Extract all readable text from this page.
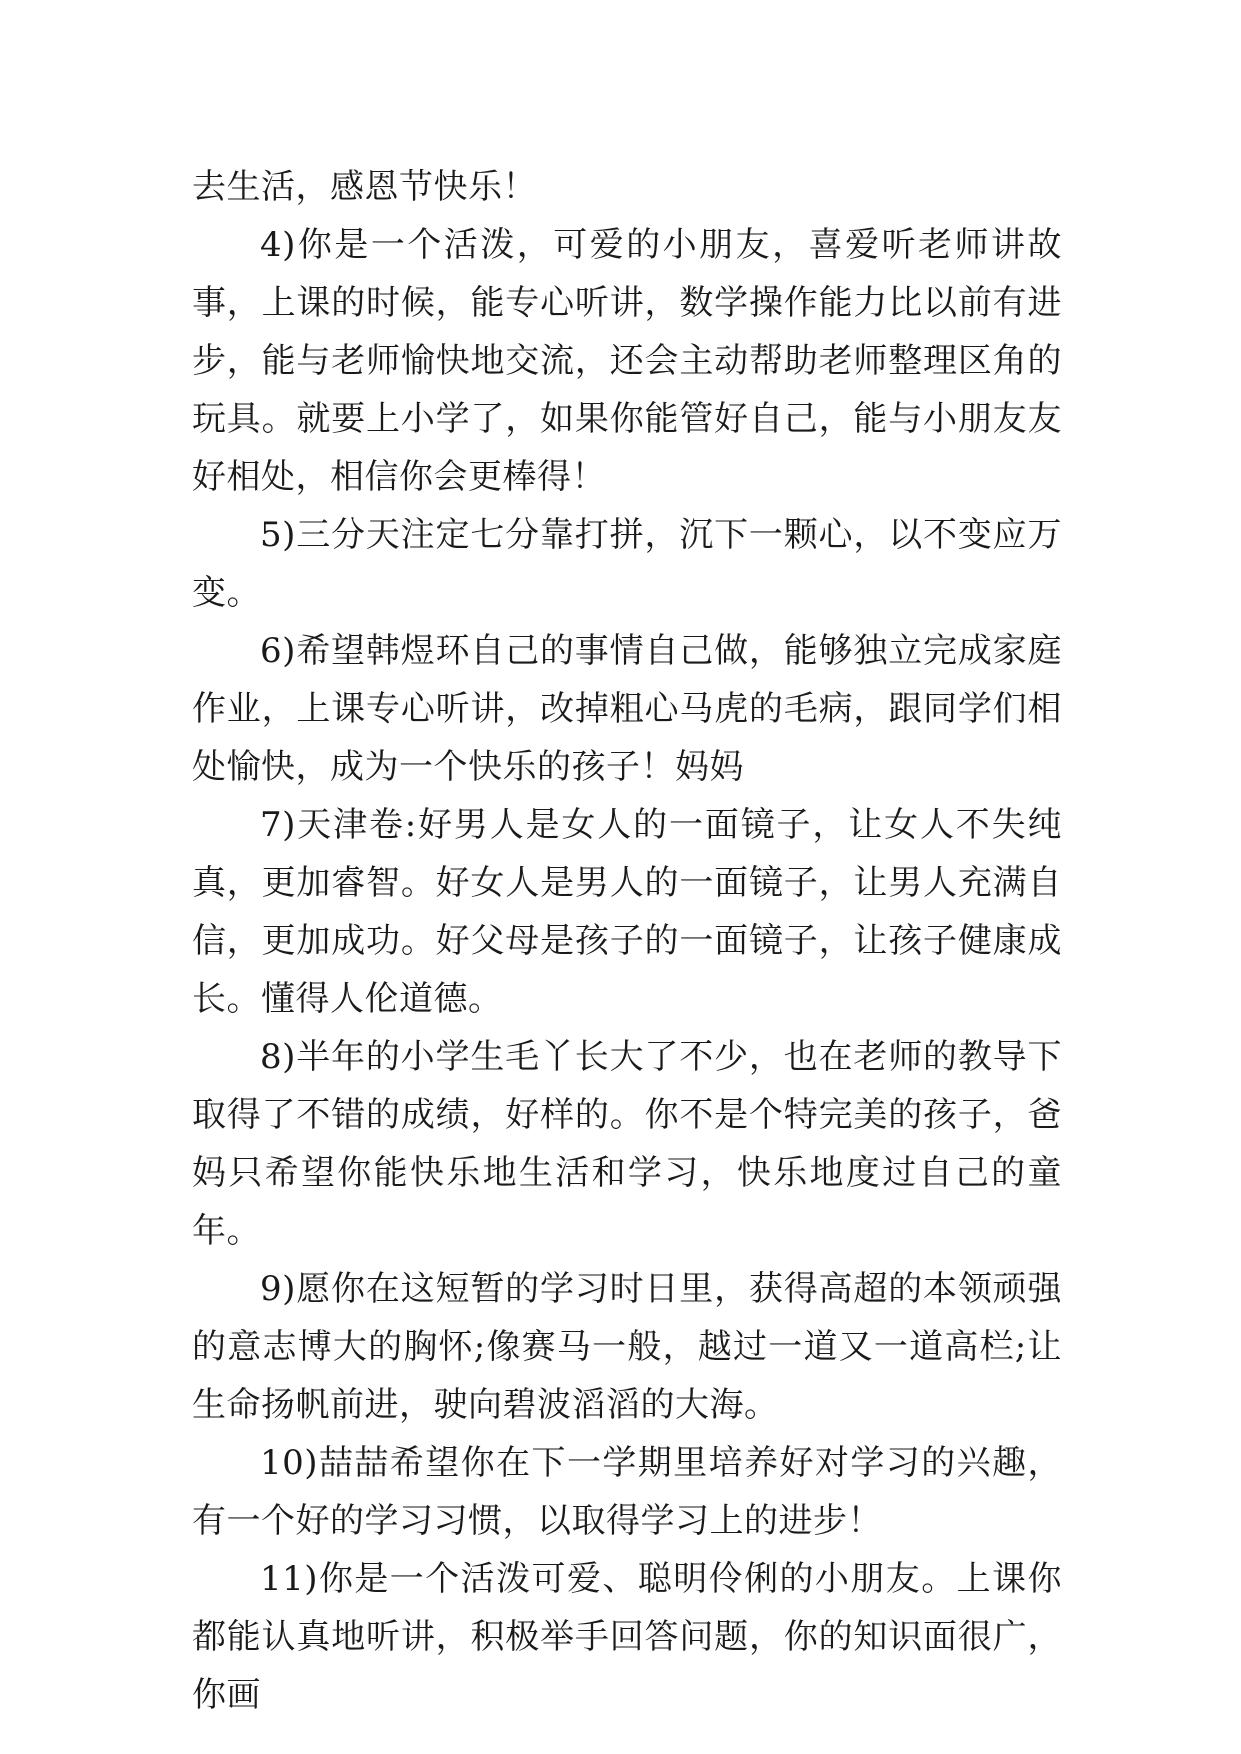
去生活，感恩节快乐！

4)你是一个活泼，可爱的小朋友，喜爱听老师讲故事，上课的时候，能专心听讲，数学操作能力比以前有进步，能与老师愉快地交流，还会主动帮助老师整理区角的玩具。就要上小学了，如果你能管好自己，能与小朋友友好相处，相信你会更棒得！

5)三分天注定七分靠打拼，沉下一颗心，以不变应万变。

6)希望韩煜环自己的事情自己做，能够独立完成家庭作业，上课专心听讲，改掉粗心马虎的毛病，跟同学们相处愉快，成为一个快乐的孩子！妈妈

7)天津卷:好男人是女人的一面镜子，让女人不失纯真，更加睿智。好女人是男人的一面镜子，让男人充满自信，更加成功。好父母是孩子的一面镜子，让孩子健康成长。懂得人伦道德。

8)半年的小学生毛丫长大了不少，也在老师的教导下取得了不错的成绩，好样的。你不是个特完美的孩子，爸妈只希望你能快乐地生活和学习，快乐地度过自己的童年。

9)愿你在这短暂的学习时日里，获得高超的本领顽强的意志博大的胸怀;像赛马一般，越过一道又一道高栏;让生命扬帆前进，驶向碧波滔滔的大海。

10)喆喆希望你在下一学期里培养好对学习的兴趣，有一个好的学习习惯，以取得学习上的进步！

11)你是一个活泼可爱、聪明伶俐的小朋友。上课你都能认真地听讲，积极举手回答问题，你的知识面很广，你画
